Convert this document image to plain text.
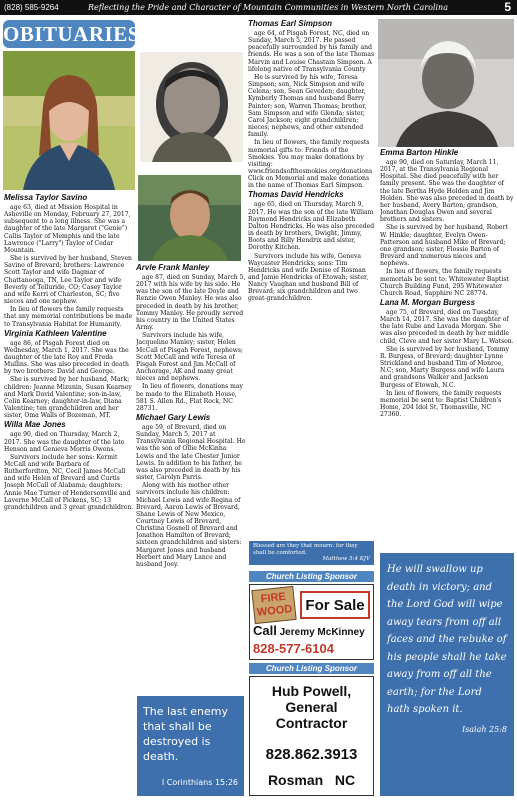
(828) 585-9264	Reflecting the Pride and Character of Mountain Communities in Western North Carolina	5
OBITUARIES
Melissa Taylor Savino

age 63, died at Mission Hospital in Asheville on Monday, February 27, 2017, subsequent to a long illness. She was a daughter of the late Margaret ("Genie") Callis Taylor of Memphis and the late Lawrence ("Larry") Taylor of Cedar Mountain.

She is survived by her husband, Steven Savino of Brevard; brothers: Lawrence Scott Taylor and wife Dagmar of Chattanooga, TN, Lee Taylor and wife Beverly of Telluride, CO; Casey Taylor and wife Kerri of Charleston, SC; five nieces and one nephew.

In lieu of flowers the family requests that any memorial contributions be made to Transylvania Habitat for Humanity.

Virginia Kathleen Valentine

age 86, of Pisgah Forest died on Wednesday, March 1, 2017. She was the daughter of the late Roy and Freda Mullins. She was also preceded in death by two brothers: David and George.

She is survived by her husband, Mark; children: Jeanne Mizunin, Susan Kearney and Mark David Valentine; son-in-law, Colin Kearney; daughter-in-law, Diana Valentine; ten grandchildren and her sister, Oma Walls of Bozeman, MT.

Willa Mae Jones

age 90, died on Thursday, March 2, 2017. She was the daughter of the late Henson and Genieva Morris Owens.

Survivors include her sons: Kermit McCall and wife Barbara of Rutherfordton, NC, Cecil James McCall and wife Helen of Brevard and Curtis Joseph McCall of Alabama; daughters: Annie Mae Turner of Hendersonville and Laverne McCall of Pickens, SC; 13 grandchildren and 3 great grandchildren.

Arvle Frank Manley

age 87, died on Sunday, March 5, 2017 with his wife by his side. He was the son of the late Doyle and Renzie Owen Manley. He was also preceded in death by his brother, Tommy Manley. He proudly served his country in the United States Army.

Survivors include his wife, Jacqueline Manley; sister, Helen McCall of Pisgah Forest, nephews; Scott McCall and wife Teresa of Pisgah Forest and Jim McCall of Anchorage, AK and many great nieces and nephews.

In lieu of flowers, donations may be made to the Elizabeth House, 581 S. Allen Rd., Flat Rock, NC 28731.

Michael Gary Lewis

age 59, of Brevard, died on Sunday, March 5, 2017 at Transylvania Regional Hospital. He was the son of Ollie McKinna Lewis and the late Chester Junior Lewis. In addition to his father, he was also preceded in death by his sister, Carolyn Parris.

Along with his mother other survivors include his children: Michael Lewis and wife Regina of Brevard, Aaron Lewis of Brevard, Shane Lewis of New Mexico, Courtney Lewis of Brevard, Christina Gosnell of Brevard and Jonathon Hamilton of Brevard; sixteen grandchildren and sisters: Margaret Jones and husband Herbert and Mary Lance and husband Joey.

The last enemy that shall be destroyed is death.
I Corinthians 15:26
Thomas Earl Simpson

age 64, of Pisgah Forest, NC, died on Sunday, March 5, 2017. He passed peacefully surrounded by his family and friends. He was a son of the late Thomas Marvin and Louise Chastain Simpson. A lifelong native of Transylvania County

He is survived by his wife, Teresa Simpson; son, Nick Simpson and wife Celena; son, Sean Geveden; daughter, Kymberly Thomas and husband Barry Painter; son, Warren Thomas; brother, Sam Simpson and wife Glenda; sister, Carol Jackson; eight grandchildren; nieces; nephews, and other extended family.

In lieu of flowers, the family requests memorial gifts to: Friends of the Smokies. You may make donations by visiting: www.friendsofthesmokies.org/donations Click on Memorial and make donations in the name of Thomas Earl Simpson.

Thomas David Hendricks

age 65, died on Thursday, March 9, 2017. He was the son of the late William Raymond Hendricks and Elizabeth Dalton Hendricks. He was also preceded in death by brothers, Dwight, Jimmy, Boots and Billy Hendrix and sister, Dorothy Kitchen.

Survivors include his wife, Geneva Waycaster Hendricks; sons: Tim Hendricks and wife Denise of Rosman and Jamie Hendricks of Etowah; sister, Nancy Vaughan and husband Bill of Brevard; six grandchildren and two great-grandchildren.

Blessed are they that mourn: for they shall be comforted.
Matthew 5:4 KJV
Church Listing Sponsor
FIRE
WOOD For Sale
Call Jeremy McKinney
828-577-6104
Church Listing Sponsor
Hub Powell,
General
Contractor
828.862.3913
Rosman   NC
Emma Barton Hinkle

age 90, died on Saturday, March 11, 2017, at the Transylvania Regional Hospital. She died peacefully with her family present. She was the daughter of the late Bertha Hyde Holden and Jim Holden. She was also preceded in death by her husband, Avery Barton; grandson, Jonathan Douglas Owen and several brothers and sisters.

She is survived by her husband, Robert W. Hinkle; daughter, Evelyn Owen-Patterson and husband Mike of Brevard; one grandson; sister, Flossie Barton of Brevard and numerous nieces and nephews.

In lieu of flowers, the family requests memorials be sent to: Whitewater Baptist Church Building Fund, 295 Whitewater Church Road, Sapphire NC 28774.

Lana M. Morgan Burgess

age 75, of Brevard, died on Tuesday, March 14, 2017. She was the daughter of the late Rube and Lavada Morgan. She was also preceded in death by her middle child, Cleve and her sister Mary L. Watson.

She is survived by her husband, Tommy R. Burgess, of Brevard; daughter Lynne Strickland and husband Tim of Monroe, N.C; son, Marty Burgess and wife Laura and grandsons Walker and Jackson Burgess of Etowah, N.C.

In lieu of flowers, the family requests memorial be sent to: Baptist Children's Home, 204 Idol St, Thomasville, NC 27360.

He will swallow up death in victory; and the Lord God will wipe away tears from off all faces and the rebuke of his people shall he take away from off all the earth; for the Lord hath spoken it.
Isaiah 25:8
